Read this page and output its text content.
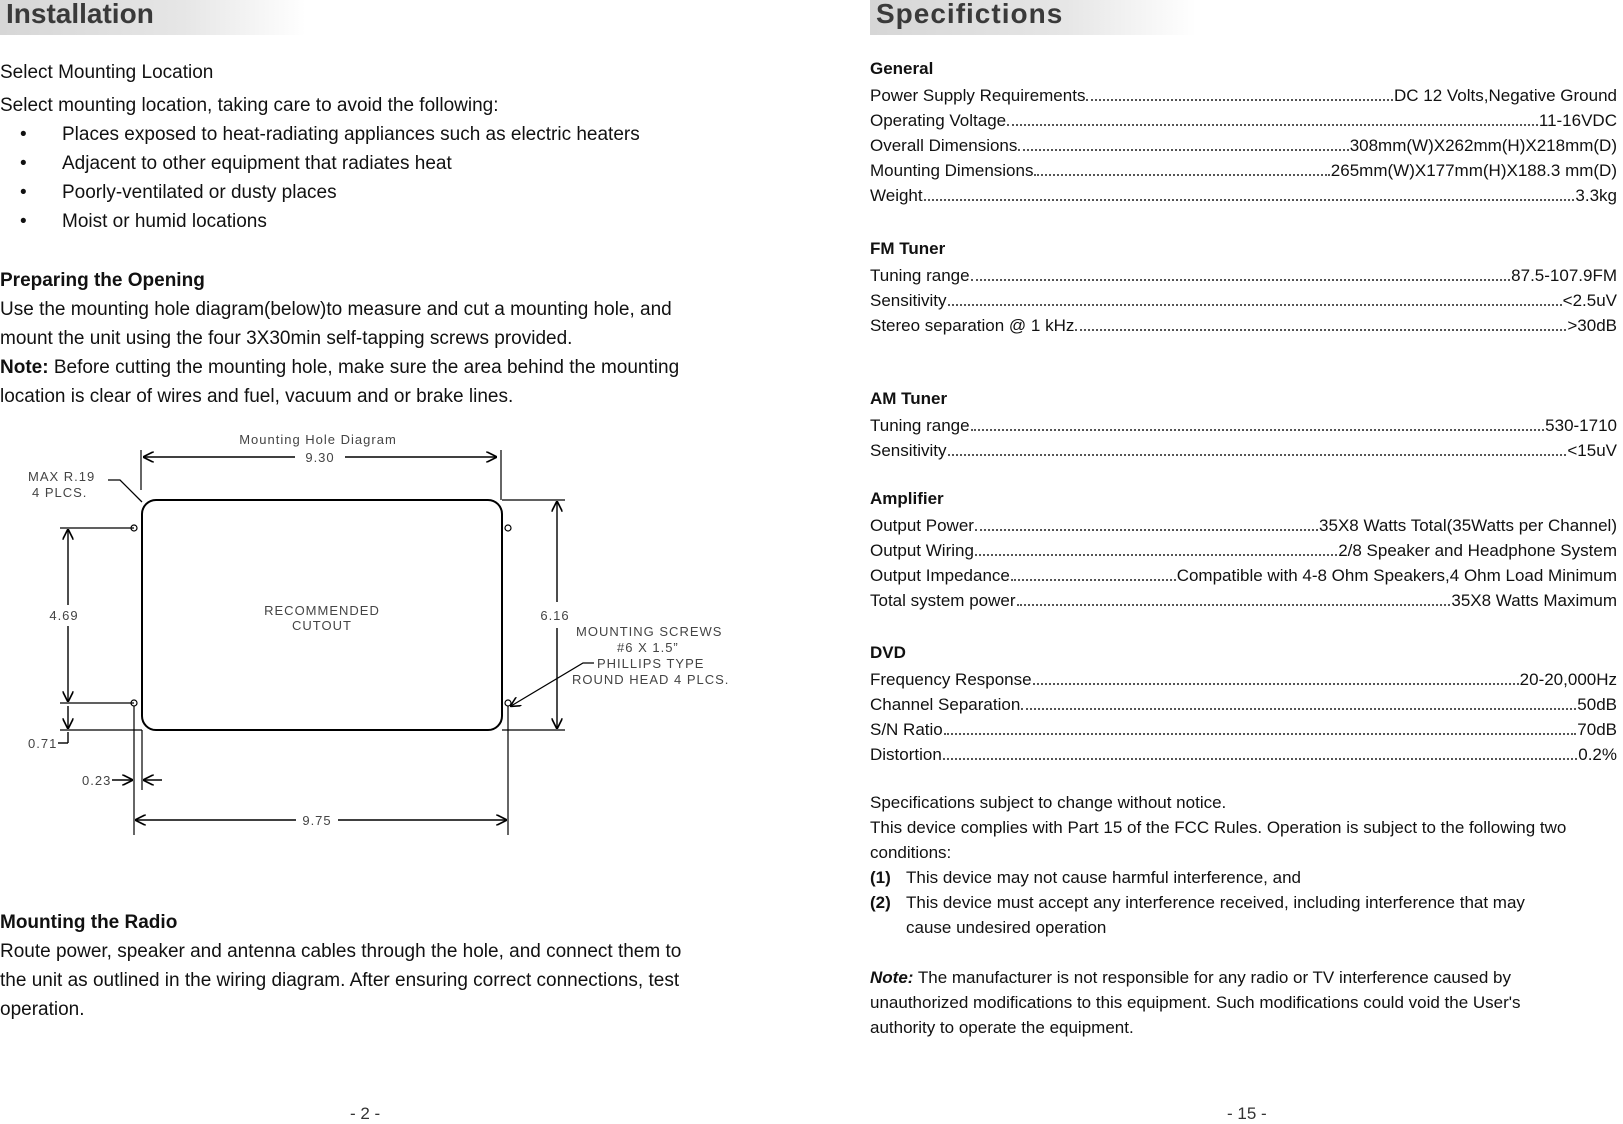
Installation
Select Mounting Location
Select mounting location, taking care to avoid the following:
• Places exposed to heat-radiating appliances such as electric heaters
• Adjacent to other equipment that radiates heat
• Poorly-ventilated or dusty places
• Moist or humid locations
Preparing the Opening
Use the mounting hole diagram(below)to measure and cut a mounting hole, and
mount the unit using the four 3X30min self-tapping screws provided.
Note: Before cutting the mounting hole, make sure the area behind the mounting
location is clear of wires and fuel, vacuum and or brake lines.
Mounting Hole Diagram
9.30
MAX R.19
4 PLCS.
RECOMMENDED
CUTOUT
6.16
4.69
0.71
0.23
9.75
MOUNTING SCREWS
#6 X 1.5”
PHILLIPS TYPE
ROUND HEAD 4 PLCS.
Mounting the Radio
Route power, speaker and antenna cables through the hole, and connect them to
the unit as outlined in the wiring diagram. After ensuring correct connections, test
operation.
- 2 -
Specifictions
General
Power Supply Requirements	DC 12 Volts,Negative Ground
Operating Voltage	11-16VDC
Overall Dimensions	308mm(W)X262mm(H)X218mm(D)
Mounting Dimensions	265mm(W)X177mm(H)X188.3 mm(D)
Weight	3.3kg
FM Tuner
Tuning range	87.5-107.9FM
Sensitivity	<2.5uV
Stereo separation @ 1 kHz	>30dB
AM Tuner
Tuning range	530-1710
Sensitivity	<15uV
Amplifier
Output Power	35X8 Watts Total(35Watts per Channel)
Output Wiring	2/8 Speaker and Headphone System
Output Impedance	Compatible with 4-8 Ohm Speakers,4 Ohm Load Minimum
Total system power	35X8 Watts Maximum
DVD
Frequency Response	20-20,000Hz
Channel Separation	50dB
S/N Ratio	70dB
Distortion	0.2%
Specifications subject to change without notice.
This device complies with Part 15 of the FCC Rules. Operation is subject to the following two
conditions:
(1) This device may not cause harmful interference, and
(2) This device must accept any interference received, including interference that may
cause undesired operation
Note: The manufacturer is not responsible for any radio or TV interference caused by
unauthorized modifications to this equipment. Such modifications could void the User's
authority to operate the equipment.
- 15 -
